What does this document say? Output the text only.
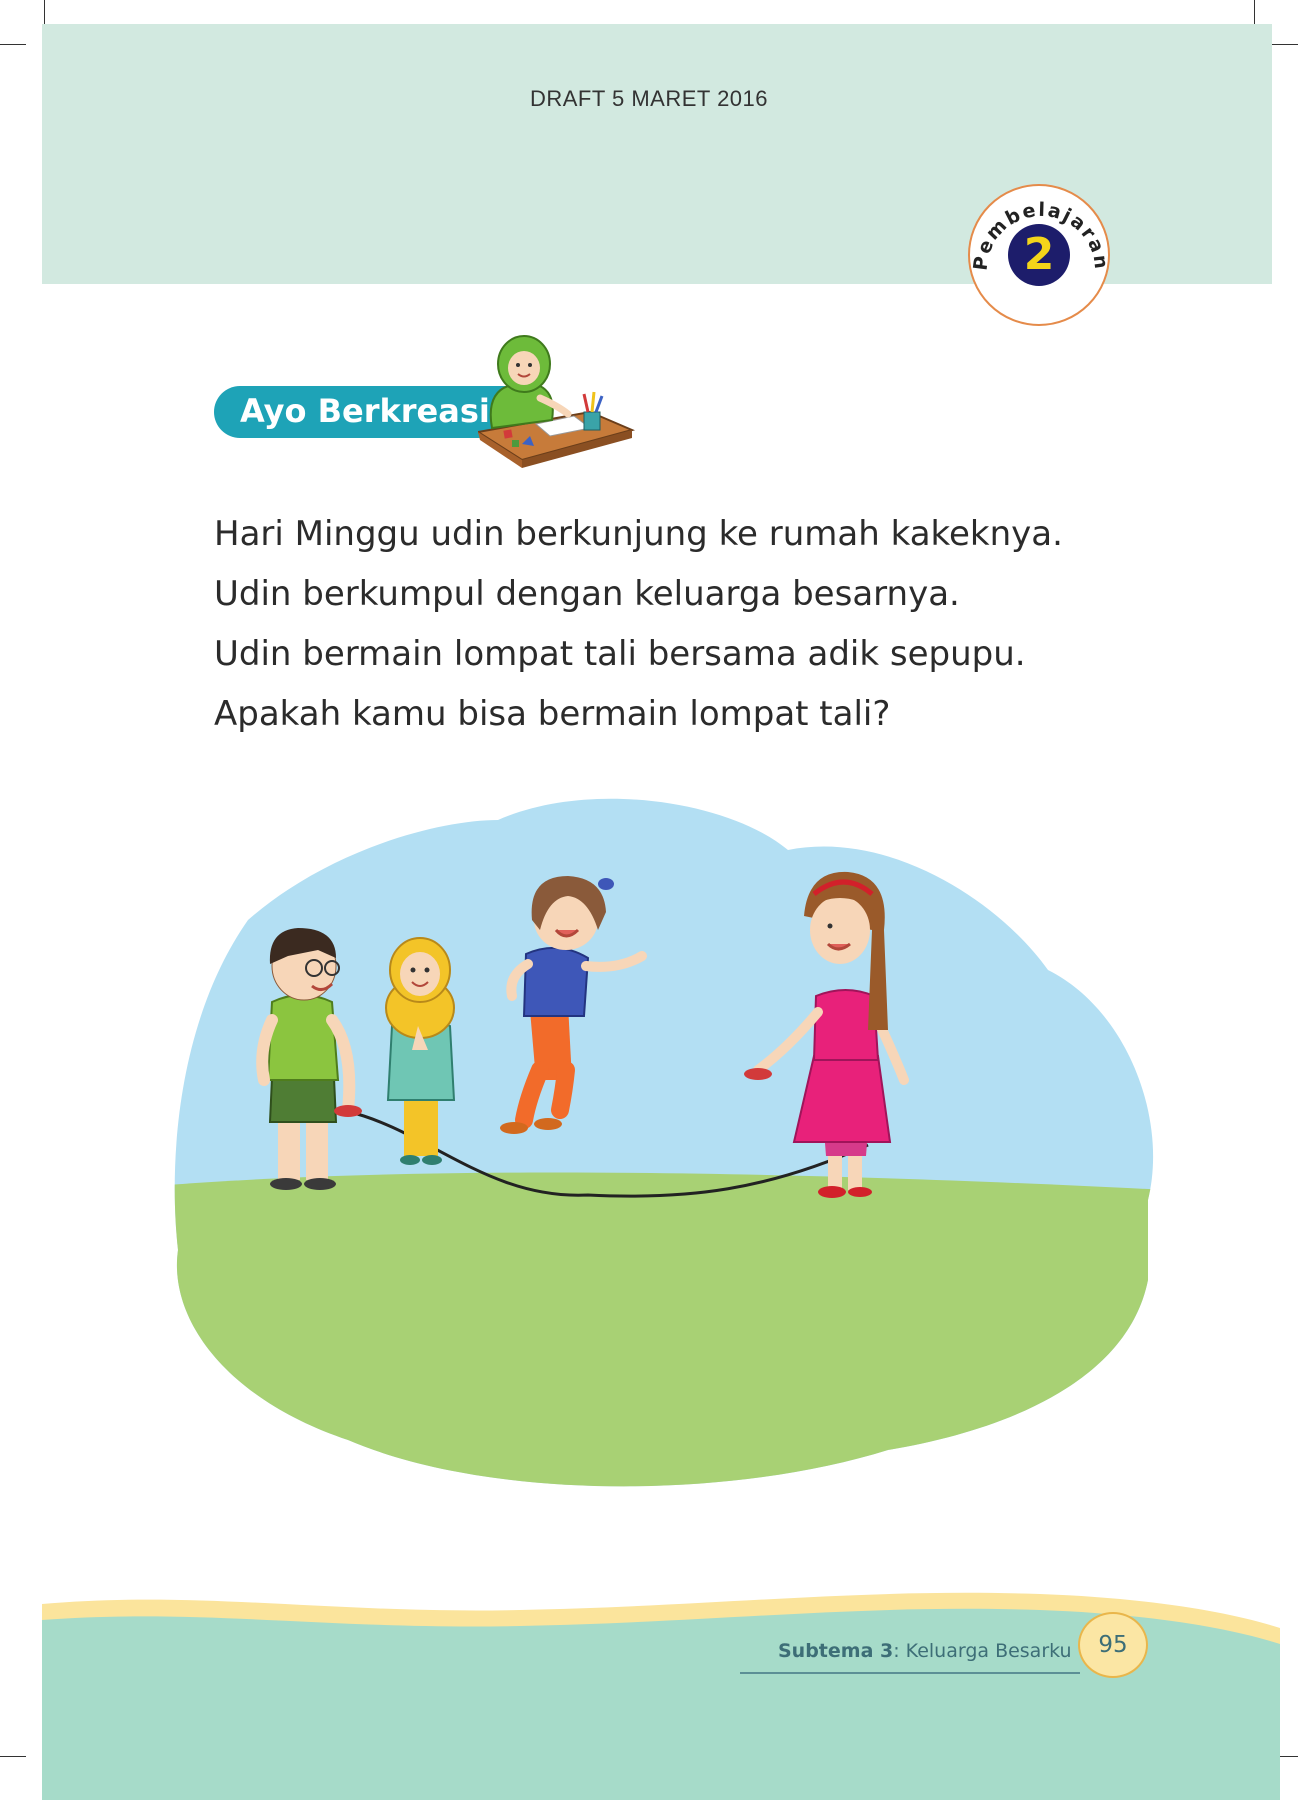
DRAFT 5 MARET 2016
Pembelajaran
2
Ayo Berkreasi
Hari Minggu udin berkunjung ke rumah kakeknya.
Udin berkumpul dengan keluarga besarnya.
Udin bermain lompat tali bersama adik sepupu.
Apakah kamu bisa bermain lompat tali?
Subtema 3: Keluarga Besarku	95
